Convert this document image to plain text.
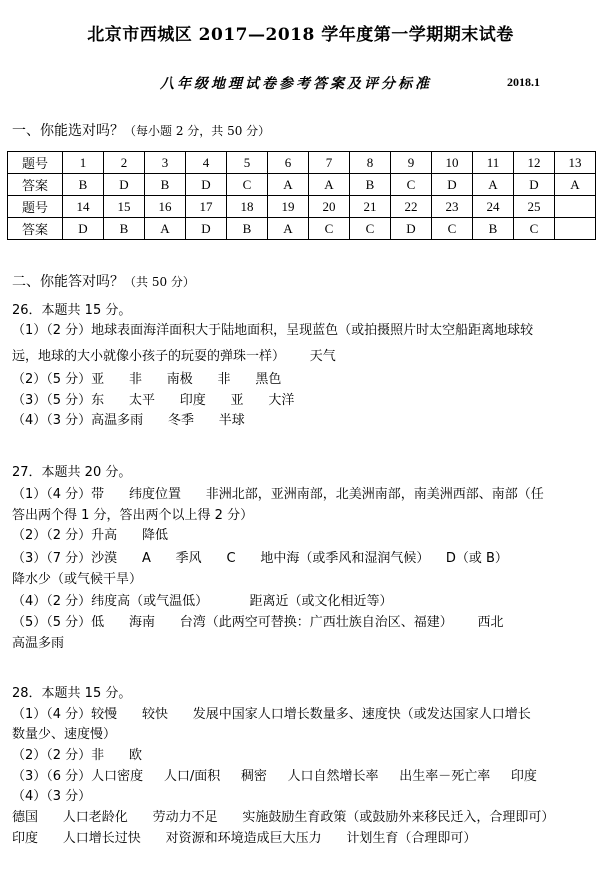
北京市西城区 2017—2018 学年度第一学期期末试卷
八年级地理试卷参考答案及评分标准	2018.1
一、你能选对吗？（每小题 2 分，共 50 分）
题号	1	2	3	4	5	6	7	8	9	10	11	12	13
答案	B	D	B	D	C	A	A	B	C	D	A	D	A
题号	14	15	16	17	18	19	20	21	22	23	24	25	
答案	D	B	A	D	B	A	C	C	D	C	B	C	
二、你能答对吗？（共 50 分）
26．本题共 15 分。
（1）（2 分）地球表面海洋面积大于陆地面积，呈现蓝色（或拍摄照片时太空船距离地球较
远，地球的大小就像小孩子的玩耍的弹珠一样）      天气
（2）（5 分）亚      非      南极      非      黑色
（3）（5 分）东      太平      印度      亚      大洋
（4）（3 分）高温多雨      冬季      半球
27．本题共 20 分。
（1）（4 分）带      纬度位置      非洲北部，亚洲南部，北美洲南部，南美洲西部、南部（任
答出两个得 1 分，答出两个以上得 2 分）
（2）（2 分）升高      降低
（3）（7 分）沙漠      A      季风      C      地中海（或季风和湿润气候）    D（或 B）
降水少（或气候干旱）
（4）（2 分）纬度高（或气温低）          距离近（或文化相近等）
（5）（5 分）低      海南      台湾（此两空可替换：广西壮族自治区、福建）      西北
高温多雨
28．本题共 15 分。
（1）（4 分）较慢      较快      发展中国家人口增长数量多、速度快（或发达国家人口增长
数量少、速度慢）
（2）（2 分）非      欧
（3）（6 分）人口密度     人口/面积     稠密     人口自然增长率     出生率－死亡率     印度
（4）（3 分）
德国      人口老龄化      劳动力不足      实施鼓励生育政策（或鼓励外来移民迁入，合理即可）
印度      人口增长过快      对资源和环境造成巨大压力      计划生育（合理即可）
